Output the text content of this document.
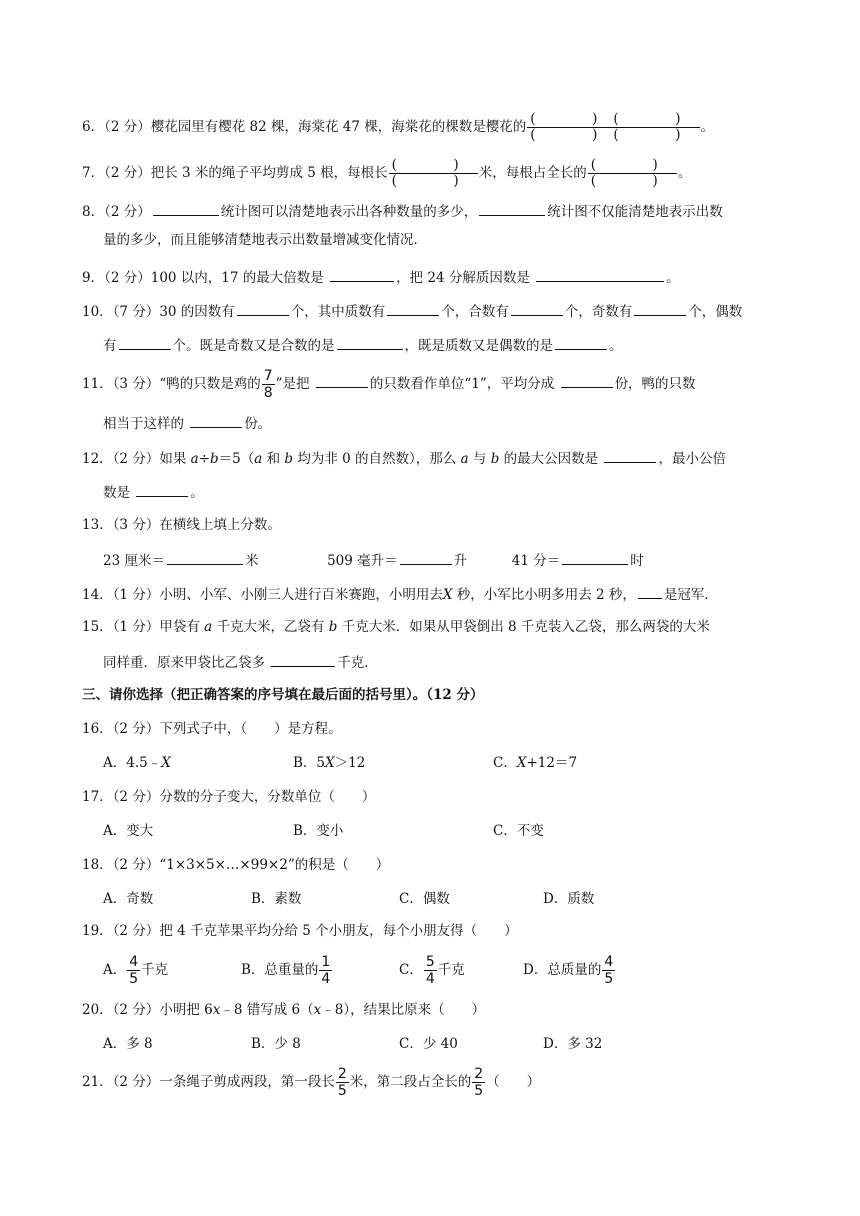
6．（2 分）樱花园里有樱花 82 棵，海棠花 47 棵，海棠花的棵数是樱花的 $\frac{( )( )}{( )( )}$ 。
7．（2 分）把长 3 米的绳子平均剪成 5 根，每根长 $\frac{( )}{( )}$ 米，每根占全长的 $\frac{( )}{( )}$ 。
8．（2 分）	统计图可以清楚地表示出各种数量的多少，	统计图不仅能清楚地表示出数
量的多少，而且能够清楚地表示出数量增减变化情况．
9．（2 分）100 以内，17 的最大倍数是	，把 24 分解质因数是	。
10．（7 分）30 的因数有	个，其中质数有	个，合数有	个，奇数有	个，偶数
有	个。既是奇数又是合数的是	，既是质数又是偶数的是	。
11．（3 分）“鸭的只数是鸡的 $\frac{7}{8}$ ”是把	的只数看作单位“1”，平均分成	份，鸭的只数
相当于这样的	份。
12．（2 分）如果 a÷b＝5（a 和 b 均为非 0 的自然数），那么 a 与 b 的最大公因数是	，最小公倍
数是	。
13．（3 分）在横线上填上分数。
23 厘米＝	米	509 毫升＝	升	41 分＝	时
14．（1 分）小明、小军、小刚三人进行百米赛跑，小明用去X 秒，小军比小明多用去 2 秒， 是冠军．
15．（1 分）甲袋有 a 千克大米，乙袋有 b 千克大米．如果从甲袋倒出 8 千克装入乙袋，那么两袋的大米
同样重．原来甲袋比乙袋多	千克．
三、请你选择（把正确答案的序号填在最后面的括号里）。（12 分）
16．（2 分）下列式子中，（　　）是方程。
A．4.5﹣X	B．5X＞12	C．X+12＝7
17．（2 分）分数的分子变大，分数单位（　　）
A．变大	B．变小	C．不变
18．（2 分）“1×3×5×…×99×2”的积是（　　）
A．奇数	B．素数	C．偶数	D．质数
19．（2 分）把 4 千克苹果平均分给 5 个小朋友，每个小朋友得（　　）
A． $\frac{4}{5}$ 千克	B．总重量的 $\frac{1}{4}$	C． $\frac{5}{4}$ 千克	D．总质量的 $\frac{4}{5}$
20．（2 分）小明把 6x﹣8 错写成 6（x﹣8），结果比原来（　　）
A．多 8	B．少 8	C．少 40	D．多 32
21．（2 分）一条绳子剪成两段，第一段长 $\frac{2}{5}$ 米，第二段占全长的 $\frac{2}{5}$ （　　）
